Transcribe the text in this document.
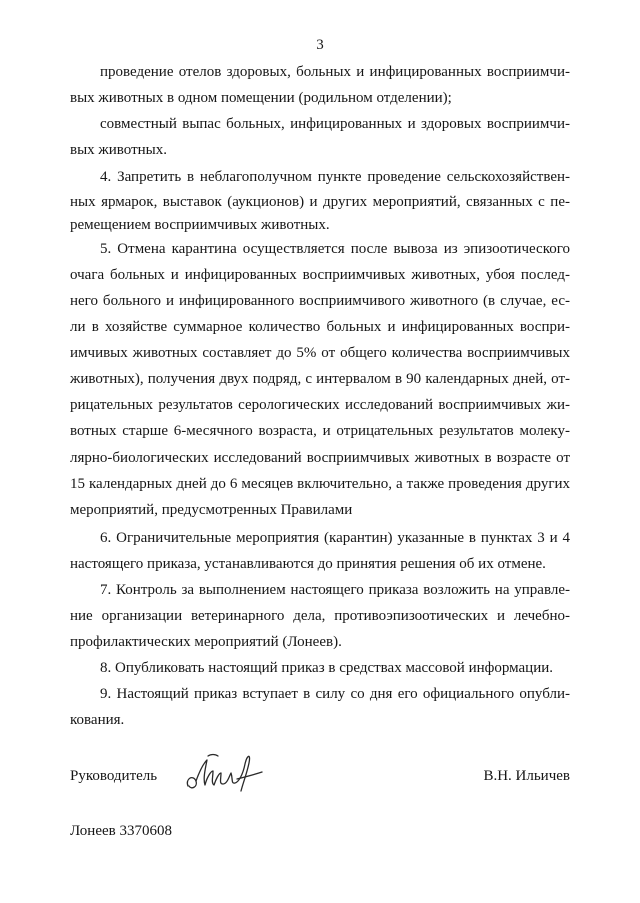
3
проведение отелов здоровых, больных и инфицированных восприимчи-
вых животных в одном помещении (родильном отделении);
совместный выпас больных, инфицированных и здоровых восприимчи-
вых животных.
4. Запретить в неблагополучном пункте проведение сельскохозяйствен-
ных ярмарок, выставок (аукционов) и других мероприятий, связанных с пе-
ремещением восприимчивых животных.
5. Отмена карантина осуществляется после вывоза из эпизоотического
очага больных и инфицированных восприимчивых животных, убоя послед-
него больного и инфицированного восприимчивого животного (в случае, ес-
ли в хозяйстве суммарное количество больных и инфицированных воспри-
имчивых животных составляет до 5% от общего количества восприимчивых
животных), получения двух подряд, с интервалом в 90 календарных дней, от-
рицательных результатов серологических исследований восприимчивых жи-
вотных старше 6-месячного возраста, и отрицательных результатов молеку-
лярно-биологических исследований восприимчивых животных в возрасте от
15 календарных дней до 6 месяцев включительно, а также проведения других
мероприятий, предусмотренных Правилами
6. Ограничительные мероприятия (карантин) указанные в пунктах 3 и 4
настоящего приказа, устанавливаются до принятия решения об их отмене.
7. Контроль за выполнением настоящего приказа возложить на управле-
ние организации ветеринарного дела, противоэпизоотических и лечебно-
профилактических мероприятий (Лонеев).
8. Опубликовать настоящий приказ в средствах массовой информации.
9. Настоящий приказ вступает в силу со дня его официального опубли-
кования.
Руководитель	В.Н. Ильичев
Лонеев 3370608
